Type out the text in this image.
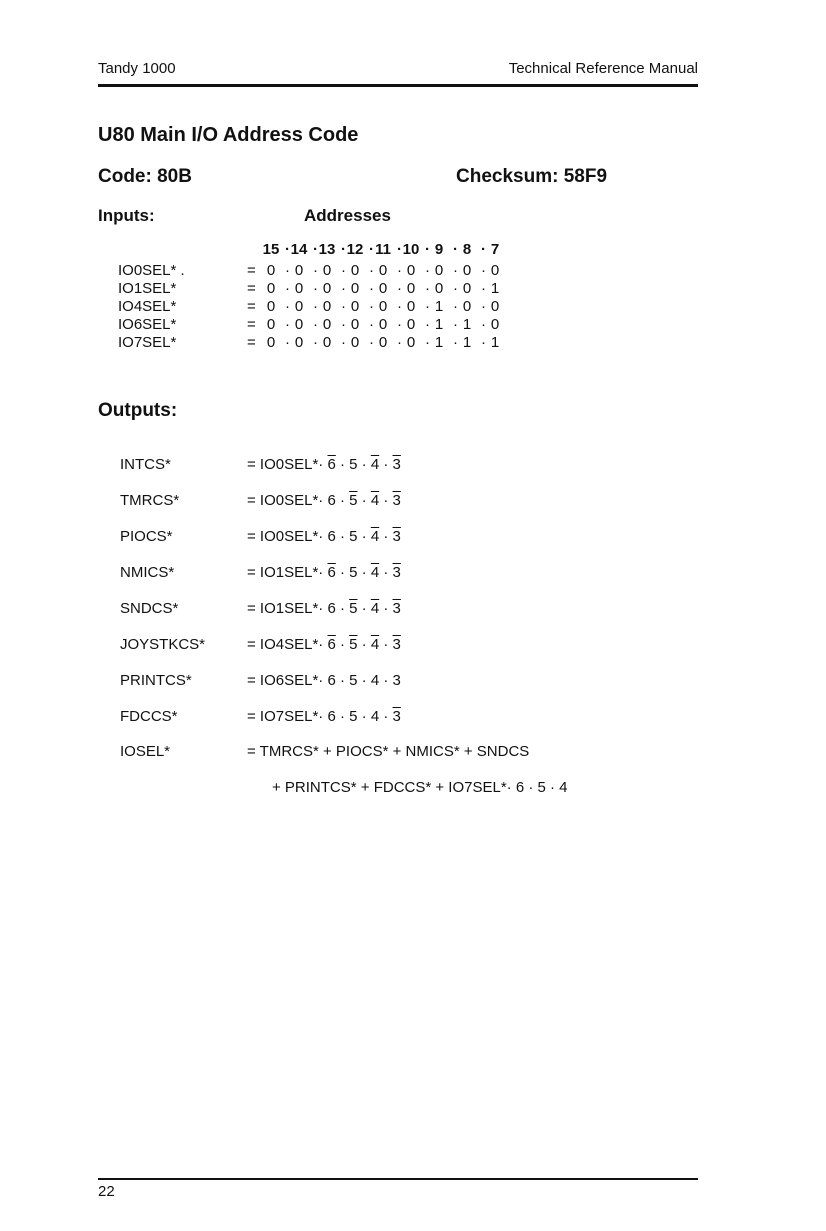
Tandy 1000	Technical Reference Manual
U80 Main I/O Address Code
Code: 80B	Checksum: 58F9
Inputs:	Addresses
15 ·14 ·13 ·12 ·11 ·10 · 9 · 8 · 7
IO0SEL* .	= 0 · 0 · 0 · 0 · 0 · 0 · 0 · 0 · 0
IO1SEL*	= 0 · 0 · 0 · 0 · 0 · 0 · 0 · 0 · 1
IO4SEL*	= 0 · 0 · 0 · 0 · 0 · 0 · 1 · 0 · 0
IO6SEL*	= 0 · 0 · 0 · 0 · 0 · 0 · 1 · 1 · 0
IO7SEL*	= 0 · 0 · 0 · 0 · 0 · 0 · 1 · 1 · 1
Outputs:
INTCS*	= IO0SEL*· 6 · 5 · 4 · 3
TMRCS*	= IO0SEL*· 6 · 5 · 4 · 3
PIOCS*	= IO0SEL*· 6 · 5 · 4 · 3
NMICS*	= IO1SEL*· 6 · 5 · 4 · 3
SNDCS*	= IO1SEL*· 6 · 5 · 4 · 3
JOYSTKCS*	= IO4SEL*· 6 · 5 · 4 · 3
PRINTCS*	= IO6SEL*· 6 · 5 · 4 · 3
FDCCS*	= IO7SEL*· 6 · 5 · 4 · 3
IOSEL*	= TMRCS* + PIOCS* + NMICS* + SNDCS
+ PRINTCS* + FDCCS* + IO7SEL*· 6 · 5 · 4
22
